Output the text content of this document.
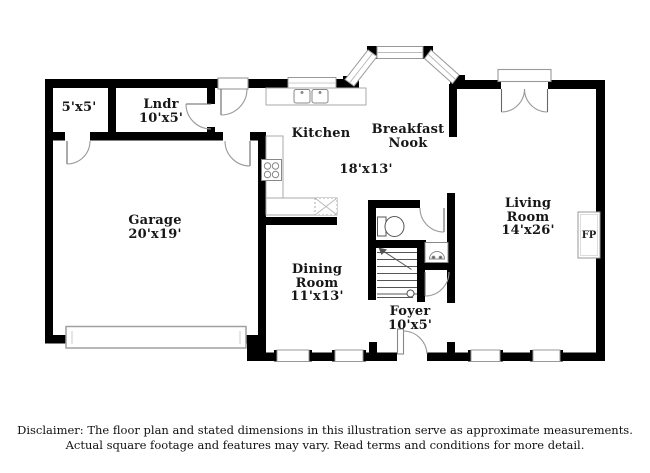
5'x5'	Lndr
10'x5'
Garage
20'x19'
Kitchen	Breakfast Nook
18'x13'
Dining Room
11'x13'
Foyer
10'x5'
Living Room
14'x26'	FP
Disclaimer: The floor plan and stated dimensions in this illustration serve as approximate measurements.
Actual square footage and features may vary. Read terms and conditions for more detail.
